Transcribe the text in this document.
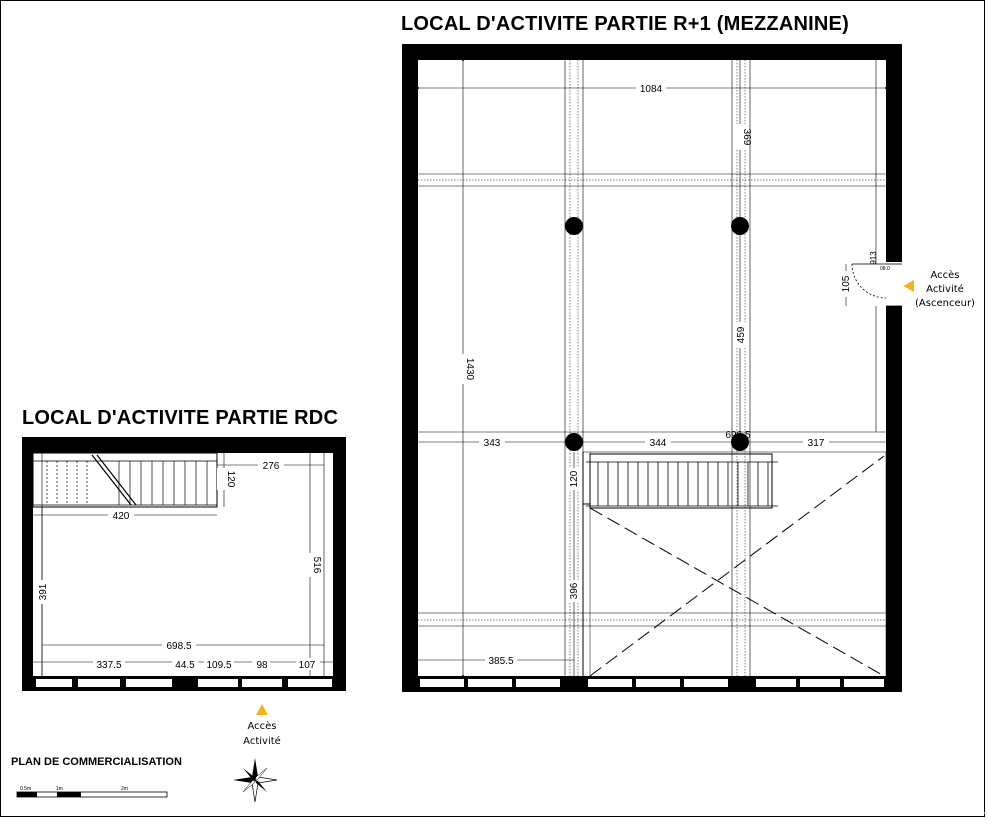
LOCAL D'ACTIVITE PARTIE R+1 (MEZZANINE)
LOCAL D'ACTIVITE PARTIE RDC
PLAN DE COMMERCIALISATION
1084
369
1430
459
105
913
08.0
343	344	317
696.5
120
396
385.5
Accès
Activité
(Ascenceur)
276
120
420
391
516
698.5
337.5	44.5 109.5 98	107
Accès
Activité
0.5m	1m	2m
